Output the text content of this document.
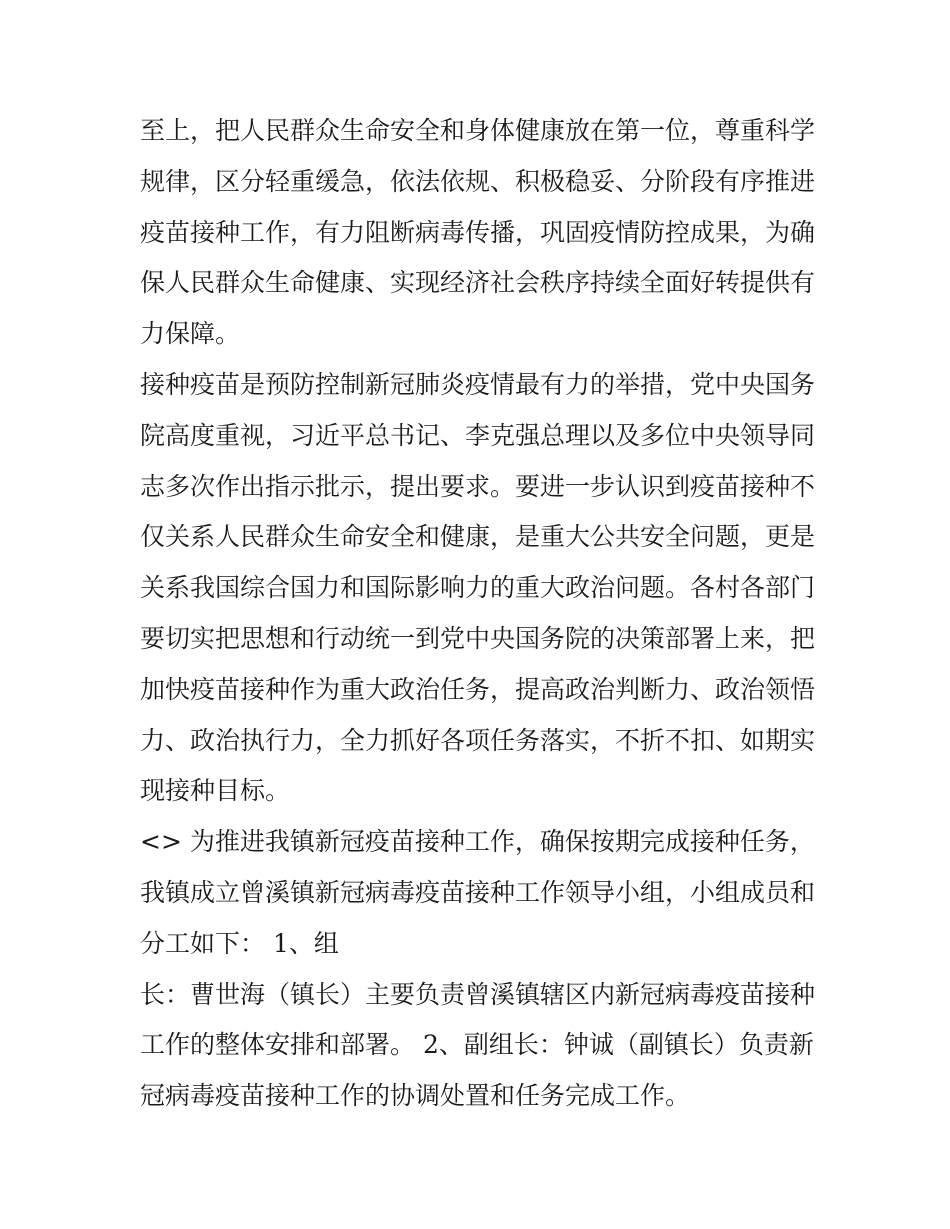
至上，把人民群众生命安全和身体健康放在第一位，尊重科学
规律，区分轻重缓急，依法依规、积极稳妥、分阶段有序推进
疫苗接种工作，有力阻断病毒传播，巩固疫情防控成果，为确
保人民群众生命健康、实现经济社会秩序持续全面好转提供有
力保障。
接种疫苗是预防控制新冠肺炎疫情最有力的举措，党中央国务
院高度重视，习近平总书记、李克强总理以及多位中央领导同
志多次作出指示批示，提出要求。要进一步认识到疫苗接种不
仅关系人民群众生命安全和健康，是重大公共安全问题，更是
关系我国综合国力和国际影响力的重大政治问题。各村各部门
要切实把思想和行动统一到党中央国务院的决策部署上来，把
加快疫苗接种作为重大政治任务，提高政治判断力、政治领悟
力、政治执行力，全力抓好各项任务落实，不折不扣、如期实
现接种目标。
<> 为推进我镇新冠疫苗接种工作，确保按期完成接种任务，
我镇成立曾溪镇新冠病毒疫苗接种工作领导小组，小组成员和
分工如下： 1、组
长：曹世海（镇长）主要负责曾溪镇辖区内新冠病毒疫苗接种
工作的整体安排和部署。 2、副组长：钟诚（副镇长）负责新
冠病毒疫苗接种工作的协调处置和任务完成工作。
